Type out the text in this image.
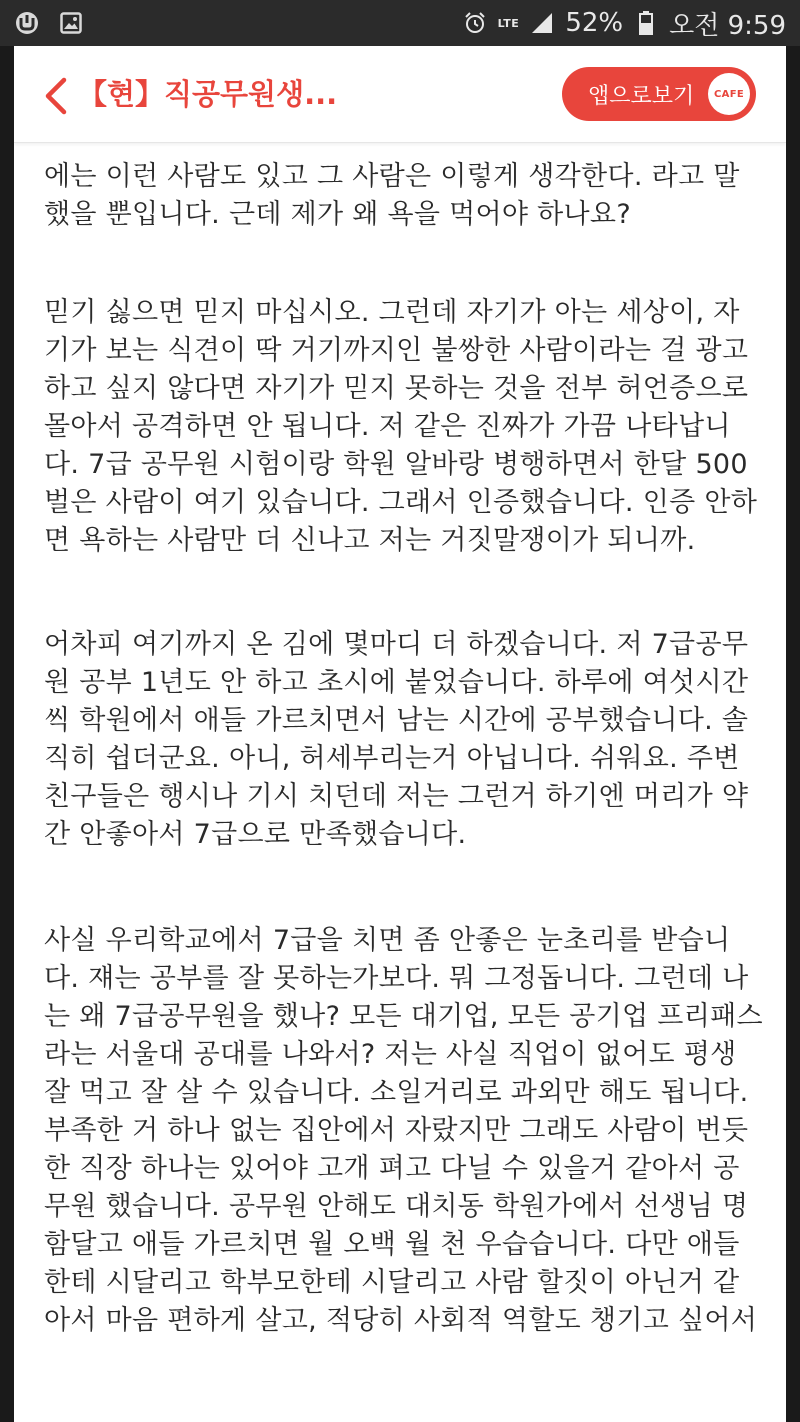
LTE 52% 오전 9:59
【현】직공무원생...	앱으로보기	CAFE

에는 이런 사람도 있고 그 사람은 이렇게 생각한다. 라고 말
했을 뿐입니다. 근데 제가 왜 욕을 먹어야 하나요?

믿기 싫으면 믿지 마십시오. 그런데 자기가 아는 세상이, 자
기가 보는 식견이 딱 거기까지인 불쌍한 사람이라는 걸 광고
하고 싶지 않다면 자기가 믿지 못하는 것을 전부 허언증으로
몰아서 공격하면 안 됩니다. 저 같은 진짜가 가끔 나타납니
다. 7급 공무원 시험이랑 학원 알바랑 병행하면서 한달 500
벌은 사람이 여기 있습니다. 그래서 인증했습니다. 인증 안하
면 욕하는 사람만 더 신나고 저는 거짓말쟁이가 되니까.

어차피 여기까지 온 김에 몇마디 더 하겠습니다. 저 7급공무
원 공부 1년도 안 하고 초시에 붙었습니다. 하루에 여섯시간
씩 학원에서 애들 가르치면서 남는 시간에 공부했습니다. 솔
직히 쉽더군요. 아니, 허세부리는거 아닙니다. 쉬워요. 주변
친구들은 행시나 기시 치던데 저는 그런거 하기엔 머리가 약
간 안좋아서 7급으로 만족했습니다.

사실 우리학교에서 7급을 치면 좀 안좋은 눈초리를 받습니
다. 쟤는 공부를 잘 못하는가보다. 뭐 그정돕니다. 그런데 나
는 왜 7급공무원을 했나? 모든 대기업, 모든 공기업 프리패스
라는 서울대 공대를 나와서? 저는 사실 직업이 없어도 평생
잘 먹고 잘 살 수 있습니다. 소일거리로 과외만 해도 됩니다.
부족한 거 하나 없는 집안에서 자랐지만 그래도 사람이 번듯
한 직장 하나는 있어야 고개 펴고 다닐 수 있을거 같아서 공
무원 했습니다. 공무원 안해도 대치동 학원가에서 선생님 명
함달고 애들 가르치면 월 오백 월 천 우습습니다. 다만 애들
한테 시달리고 학부모한테 시달리고 사람 할짓이 아닌거 같
아서 마음 편하게 살고, 적당히 사회적 역할도 챙기고 싶어서
